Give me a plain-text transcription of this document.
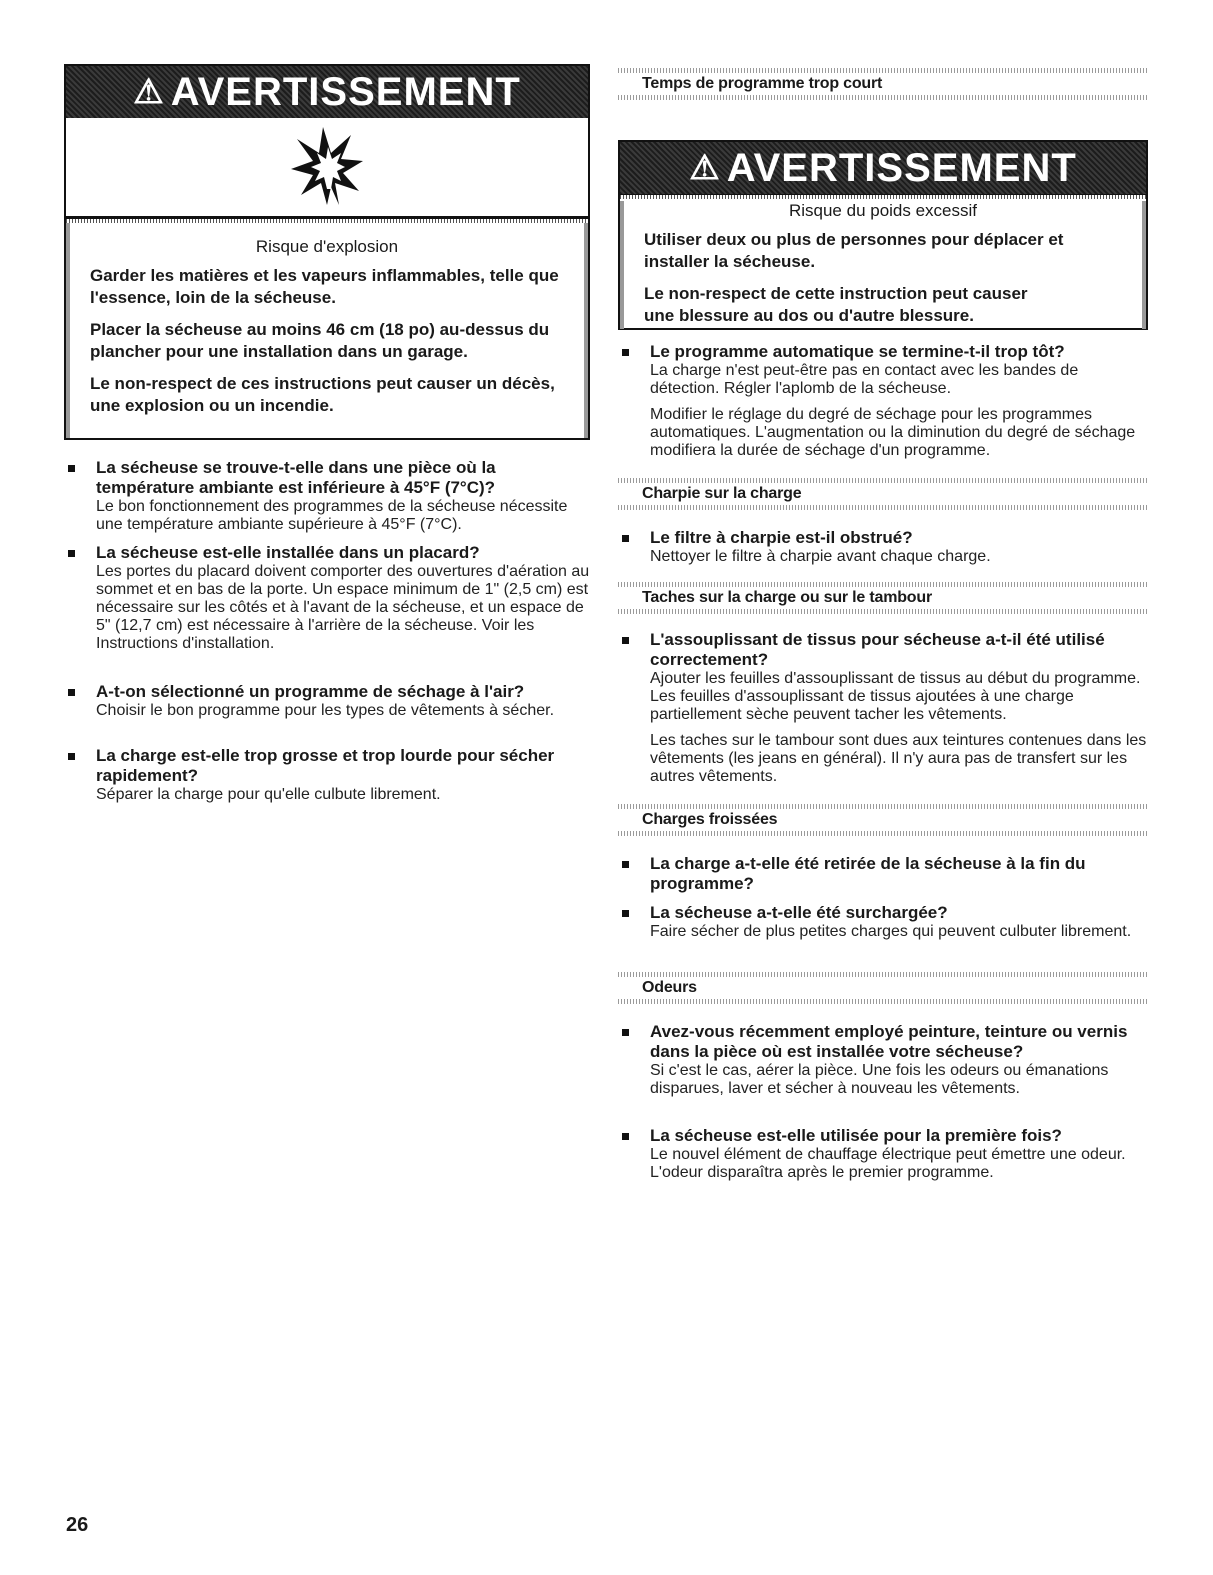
⚠ AVERTISSEMENT
Risque d'explosion

Garder les matières et les vapeurs inflammables, telle que l'essence, loin de la sécheuse.

Placer la sécheuse au moins 46 cm (18 po) au-dessus du plancher pour une installation dans un garage.

Le non-respect de ces instructions peut causer un décès, une explosion ou un incendie.

La sécheuse se trouve-t-elle dans une pièce où la température ambiante est inférieure à 45°F (7°C)?
Le bon fonctionnement des programmes de la sécheuse nécessite une température ambiante supérieure à 45°F (7°C).
La sécheuse est-elle installée dans un placard?
Les portes du placard doivent comporter des ouvertures d'aération au sommet et en bas de la porte. Un espace minimum de 1" (2,5 cm) est nécessaire sur les côtés et à l'avant de la sécheuse, et un espace de 5" (12,7 cm) est nécessaire à l'arrière de la sécheuse. Voir les Instructions d'installation.
A-t-on sélectionné un programme de séchage à l'air?
Choisir le bon programme pour les types de vêtements à sécher.
La charge est-elle trop grosse et trop lourde pour sécher rapidement?
Séparer la charge pour qu'elle culbute librement.
Temps de programme trop court
⚠ AVERTISSEMENT
Risque du poids excessif

Utiliser deux ou plus de personnes pour déplacer et installer la sécheuse.

Le non-respect de cette instruction peut causer une blessure au dos ou d'autre blessure.

Le programme automatique se termine-t-il trop tôt?
La charge n'est peut-être pas en contact avec les bandes de détection. Régler l'aplomb de la sécheuse.
Modifier le réglage du degré de séchage pour les programmes automatiques. L'augmentation ou la diminution du degré de séchage modifiera la durée de séchage d'un programme.
Charpie sur la charge
Le filtre à charpie est-il obstrué?
Nettoyer le filtre à charpie avant chaque charge.
Taches sur la charge ou sur le tambour
L'assouplissant de tissus pour sécheuse a-t-il été utilisé correctement?
Ajouter les feuilles d'assouplissant de tissus au début du programme. Les feuilles d'assouplissant de tissus ajoutées à une charge partiellement sèche peuvent tacher les vêtements.
Les taches sur le tambour sont dues aux teintures contenues dans les vêtements (les jeans en général). Il n'y aura pas de transfert sur les autres vêtements.
Charges froissées
La charge a-t-elle été retirée de la sécheuse à la fin du programme?
La sécheuse a-t-elle été surchargée?
Faire sécher de plus petites charges qui peuvent culbuter librement.
Odeurs
Avez-vous récemment employé peinture, teinture ou vernis dans la pièce où est installée votre sécheuse?
Si c'est le cas, aérer la pièce. Une fois les odeurs ou émanations disparues, laver et sécher à nouveau les vêtements.
La sécheuse est-elle utilisée pour la première fois?
Le nouvel élément de chauffage électrique peut émettre une odeur. L'odeur disparaîtra après le premier programme.
26
